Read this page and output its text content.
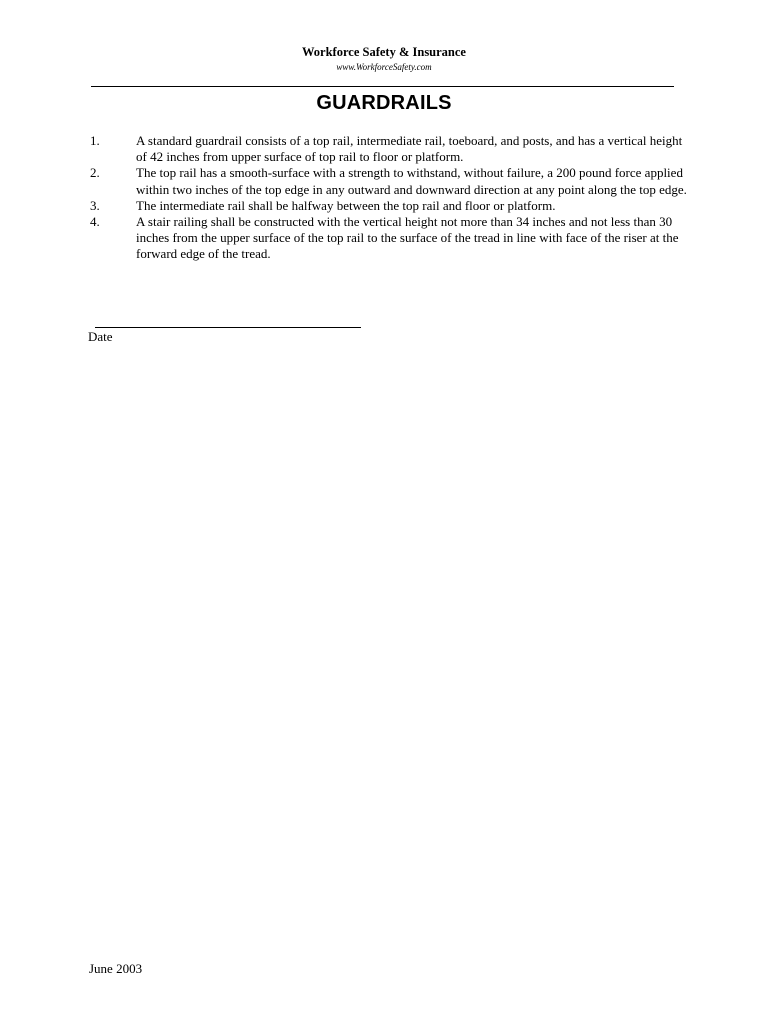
Workforce Safety & Insurance
www.WorkforceSafety.com
GUARDRAILS
1.	A standard guardrail consists of a top rail, intermediate rail, toeboard, and posts, and has a vertical height of 42 inches from upper surface of top rail to floor or platform.
2.	The top rail has a smooth-surface with a strength to withstand, without failure, a 200 pound force applied within two inches of the top edge in any outward and downward direction at any point along the top edge.
3.	The intermediate rail shall be halfway between the top rail and floor or platform.
4.	A stair railing shall be constructed with the vertical height not more than 34 inches and not less than 30 inches from the upper surface of the top rail to the surface of the tread in line with face of the riser at the forward edge of the tread.
Date
June 2003
